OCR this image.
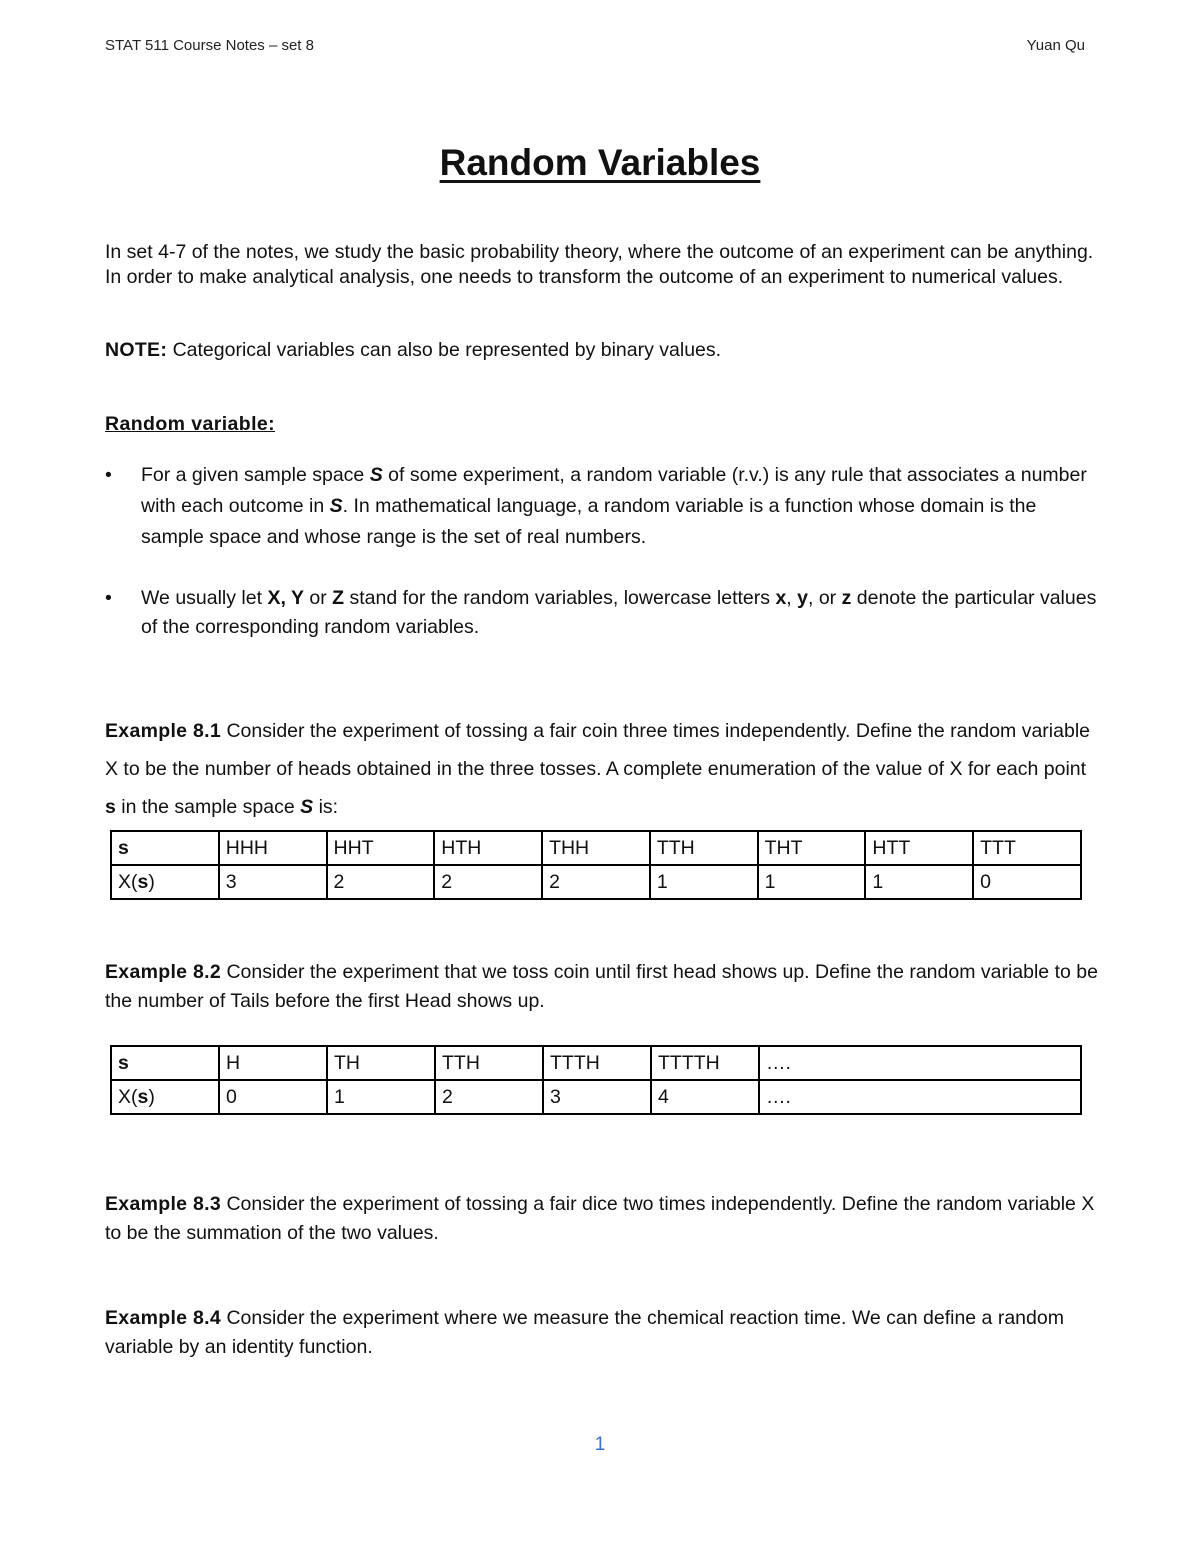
STAT 511 Course Notes – set 8	Yuan Qu
Random Variables
In set 4-7 of the notes, we study the basic probability theory, where the outcome of an experiment can be anything. In order to make analytical analysis, one needs to transform the outcome of an experiment to numerical values.
NOTE: Categorical variables can also be represented by binary values.
Random variable:
•	For a given sample space S of some experiment, a random variable (r.v.) is any rule that associates a number with each outcome in S. In mathematical language, a random variable is a function whose domain is the sample space and whose range is the set of real numbers.
•	We usually let X, Y or Z stand for the random variables, lowercase letters x, y, or z denote the particular values of the corresponding random variables.
Example 8.1 Consider the experiment of tossing a fair coin three times independently. Define the random variable X to be the number of heads obtained in the three tosses. A complete enumeration of the value of X for each point s in the sample space S is:
s	HHH	HHT	HTH	THH	TTH	THT	HTT	TTT
X(s)	3	2	2	2	1	1	1	0
Example 8.2 Consider the experiment that we toss coin until first head shows up. Define the random variable to be the number of Tails before the first Head shows up.
s	H	TH	TTH	TTTH	TTTTH	….
X(s)	0	1	2	3	4	….
Example 8.3 Consider the experiment of tossing a fair dice two times independently. Define the random variable X to be the summation of the two values.
Example 8.4 Consider the experiment where we measure the chemical reaction time. We can define a random variable by an identity function.
1
